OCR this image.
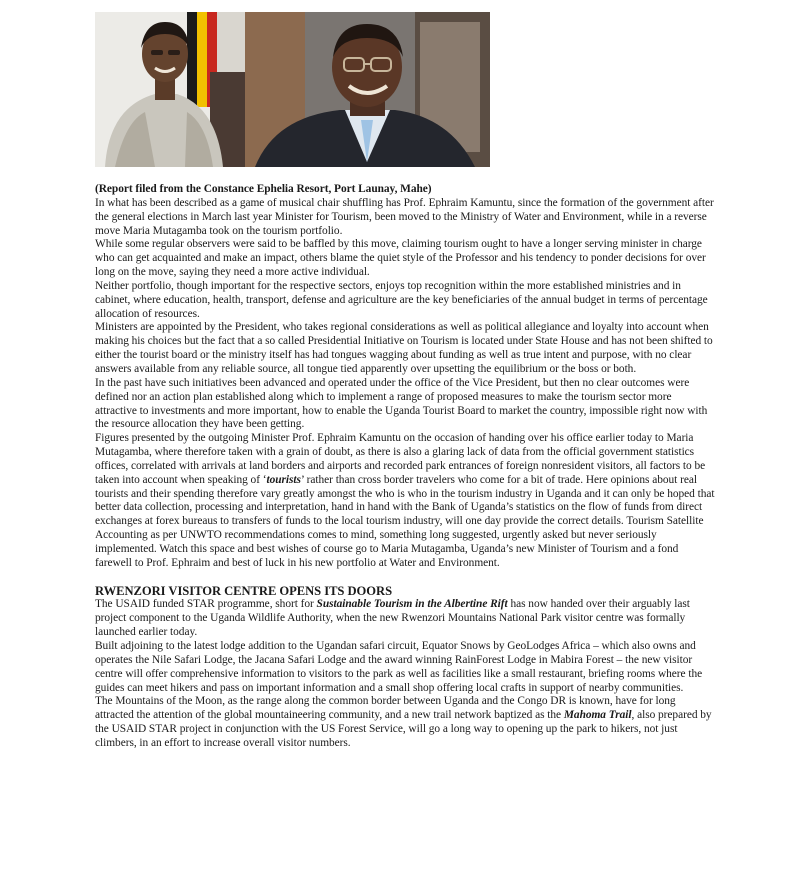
(Report filed from the Constance Ephelia Resort, Port Launay, Mahe)

In what has been described as a game of musical chair shuffling has Prof. Ephraim Kamuntu, since the formation of the government after the general elections in March last year Minister for Tourism, been moved to the Ministry of Water and Environment, while in a reverse move Maria Mutagamba took on the tourism portfolio.

While some regular observers were said to be baffled by this move, claiming tourism ought to have a longer serving minister in charge who can get acquainted and make an impact, others blame the quiet style of the Professor and his tendency to ponder decisions for over long on the move, saying they need a more active individual.

Neither portfolio, though important for the respective sectors, enjoys top recognition within the more established ministries and in cabinet, where education, health, transport, defense and agriculture are the key beneficiaries of the annual budget in terms of percentage allocation of resources.

Ministers are appointed by the President, who takes regional considerations as well as political allegiance and loyalty into account when making his choices but the fact that a so called Presidential Initiative on Tourism is located under State House and has not been shifted to either the tourist board or the ministry itself has had tongues wagging about funding as well as true intent and purpose, with no clear answers available from any reliable source, all tongue tied apparently over upsetting the equilibrium or the boss or both.

In the past have such initiatives been advanced and operated under the office of the Vice President, but then no clear outcomes were defined nor an action plan established along which to implement a range of proposed measures to make the tourism sector more attractive to investments and more important, how to enable the Uganda Tourist Board to market the country, impossible right now with the resource allocation they have been getting.

Figures presented by the outgoing Minister Prof. Ephraim Kamuntu on the occasion of handing over his office earlier today to Maria Mutagamba, where therefore taken with a grain of doubt, as there is also a glaring lack of data from the official government statistics offices, correlated with arrivals at land borders and airports and recorded park entrances of foreign nonresident visitors, all factors to be taken into account when speaking of ‘tourists’ rather than cross border travelers who come for a bit of trade. Here opinions about real tourists and their spending therefore vary greatly amongst the who is who in the tourism industry in Uganda and it can only be hoped that better data collection, processing and interpretation, hand in hand with the Bank of Uganda’s statistics on the flow of funds from direct exchanges at forex bureaus to transfers of funds to the local tourism industry, will one day provide the correct details. Tourism Satellite Accounting as per UNWTO recommendations comes to mind, something long suggested, urgently asked but never seriously implemented. Watch this space and best wishes of course go to Maria Mutagamba, Uganda’s new Minister of Tourism and a fond farewell to Prof. Ephraim and best of luck in his new portfolio at Water and Environment.

RWENZORI VISITOR CENTRE OPENS ITS DOORS

The USAID funded STAR programme, short for Sustainable Tourism in the Albertine Rift has now handed over their arguably last project component to the Uganda Wildlife Authority, when the new Rwenzori Mountains National Park visitor centre was formally launched earlier today.

Built adjoining to the latest lodge addition to the Ugandan safari circuit, Equator Snows by GeoLodges Africa – which also owns and operates the Nile Safari Lodge, the Jacana Safari Lodge and the award winning RainForest Lodge in Mabira Forest – the new visitor centre will offer comprehensive information to visitors to the park as well as facilities like a small restaurant, briefing rooms where the guides can meet hikers and pass on important information and a small shop offering local crafts in support of nearby communities.

The Mountains of the Moon, as the range along the common border between Uganda and the Congo DR is known, have for long attracted the attention of the global mountaineering community, and a new trail network baptized as the Mahoma Trail, also prepared by the USAID STAR project in conjunction with the US Forest Service, will go a long way to opening up the park to hikers, not just climbers, in an effort to increase overall visitor numbers.
